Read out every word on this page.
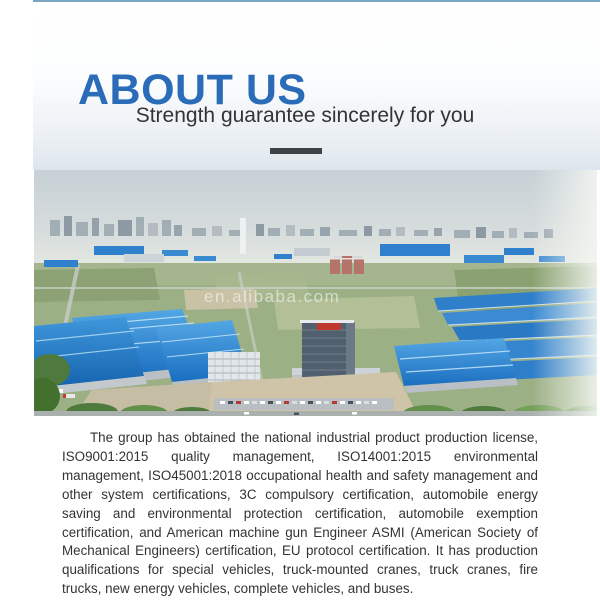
ABOUT US
Strength guarantee sincerely for you
en.alibaba.com
The group has obtained the national industrial product production license, ISO9001:2015 quality management, ISO14001:2015 environmental management, ISO45001:2018 occupational health and safety management and other system certifications, 3C compulsory certification, automobile energy saving and environmental protection certification, automobile exemption certification, and American machine gun Engineer ASMI (American Society of Mechanical Engineers) certification, EU protocol certification. It has production qualifications for special vehicles, truck-mounted cranes, truck cranes, fire trucks, new energy vehicles, complete vehicles, and buses.
